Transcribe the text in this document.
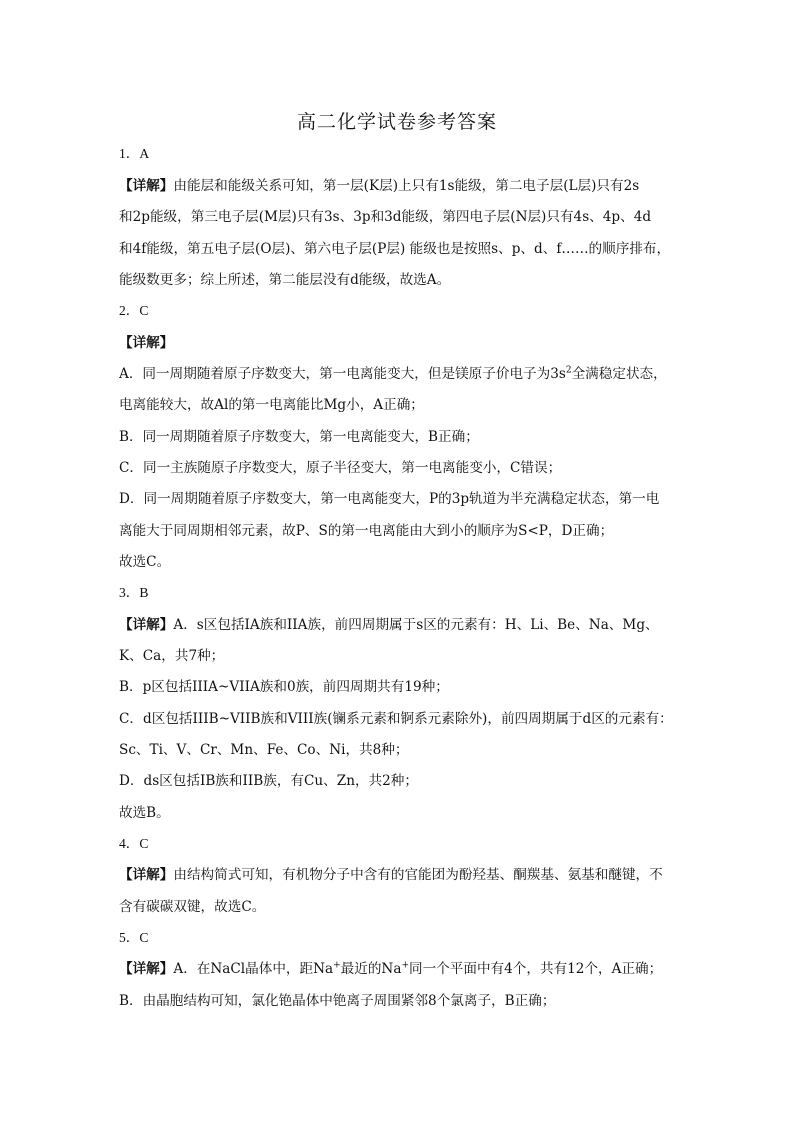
高二化学试卷参考答案
1．A
【详解】由能层和能级关系可知，第一层(K层)上只有1s能级，第二电子层(L层)只有2s
和2p能级，第三电子层(M层)只有3s、3p和3d能级，第四电子层(N层)只有4s、4p、4d
和4f能级，第五电子层(O层)、第六电子层(P层) 能级也是按照s、p、d、f……的顺序排布，
能级数更多；综上所述，第二能层没有d能级，故选A。
2．C
【详解】
A．同一周期随着原子序数变大，第一电离能变大，但是镁原子价电子为$3s^2$全满稳定状态，
电离能较大，故Al的第一电离能比Mg小，A正确；
B．同一周期随着原子序数变大，第一电离能变大，B正确；
C．同一主族随原子序数变大，原子半径变大，第一电离能变小，C错误；
D．同一周期随着原子序数变大，第一电离能变大，P的3p轨道为半充满稳定状态，第一电
离能大于同周期相邻元素，故P、S的第一电离能由大到小的顺序为S<P，D正确；
故选C。
3．B
【详解】A．s区包括IA族和IIA族，前四周期属于s区的元素有：H、Li、Be、Na、Mg、
K、Ca，共7种；
B．p区包括IIIA~VIIA族和0族，前四周期共有19种；
C．d区包括IIIB~VIIB族和VIII族(镧系元素和锕系元素除外)，前四周期属于d区的元素有：
Sc、Ti、V、Cr、Mn、Fe、Co、Ni，共8种；
D．ds区包括IB族和IIB族，有Cu、Zn，共2种；
故选B。
4．C
【详解】由结构简式可知，有机物分子中含有的官能团为酚羟基、酮羰基、氨基和醚键，不
含有碳碳双键，故选C。
5．C
【详解】A．在NaCl晶体中，距Na+最近的Na+同一个平面中有4个，共有12个，A正确；
B．由晶胞结构可知，氯化铯晶体中铯离子周围紧邻8个氯离子，B正确；
